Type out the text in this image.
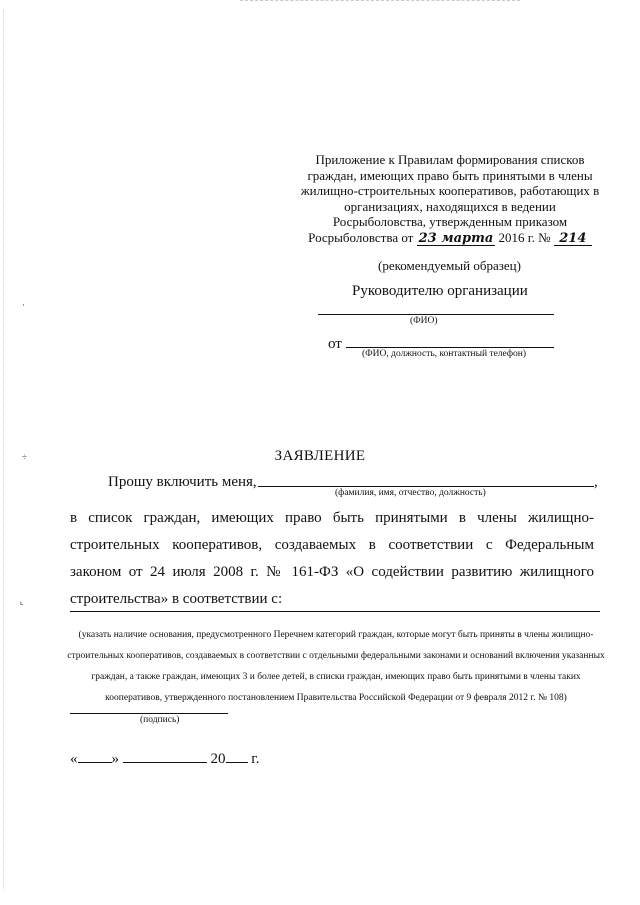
·
÷
ᒻ
Приложение к Правилам формирования списков
граждан, имеющих право быть принятыми в члены
жилищно-строительных кооперативов, работающих в
организациях, находящихся в ведении
Росрыболовства, утвержденным приказом
Росрыболовства от 23 марта 2016 г. № 214
(рекомендуемый образец)
Руководителю организации
(ФИО)
от
(ФИО, должность, контактный телефон)
ЗАЯВЛЕНИЕ
Прошу включить меня,	,
(фамилия, имя, отчество, должность)
в список граждан, имеющих право быть принятыми в члены жилищно-строительных кооперативов, создаваемых в соответствии с Федеральным законом от 24 июля 2008 г. № 161-ФЗ «О содействии развитию жилищного строительства» в соответствии с:
(указать наличие основания, предусмотренного Перечнем категорий граждан, которые могут быть приняты в члены жилищно-строительных кооперативов, создаваемых в соответствии с отдельными федеральными законами и оснований включения указанных граждан, а также граждан, имеющих 3 и более детей, в списки граждан, имеющих право быть принятыми в члены таких кооперативов, утвержденного постановлением Правительства Российской Федерации от 9 февраля 2012 г. № 108)
(подпись)
« »	20 г.
